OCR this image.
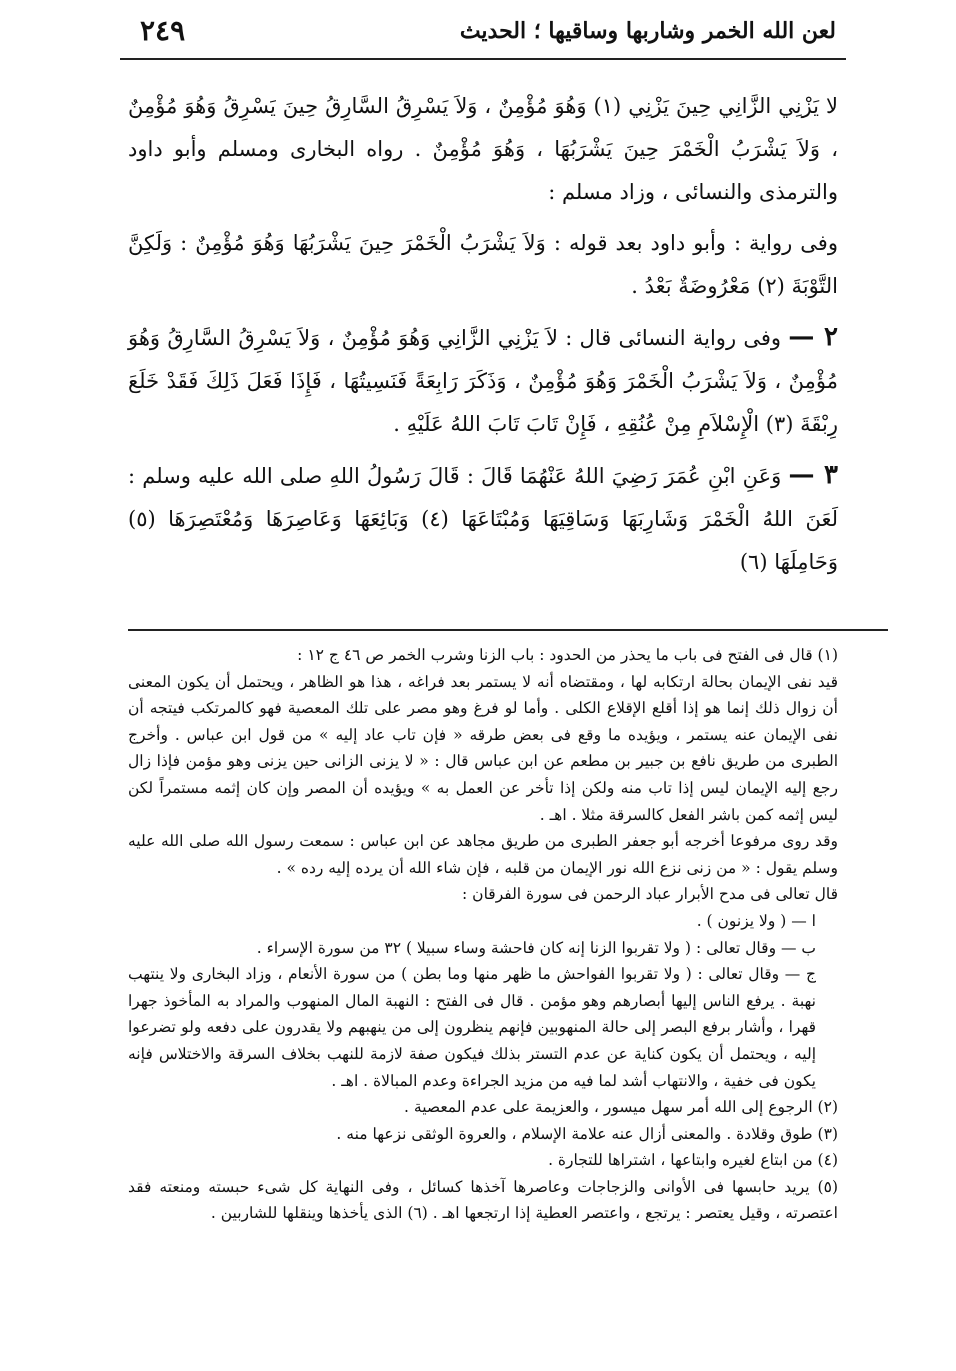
٢٤٩	لعن الله الخمر وشاربها وساقيها ؛ الحديث

لا يَزْنِي الزَّانِي حِينَ يَزْنِي (١) وَهُوَ مُؤْمِنٌ ، وَلاَ يَسْرِقُ السَّارِقُ حِينَ يَسْرِقُ وَهُوَ مُؤْمِنٌ ، وَلاَ يَشْرَبُ الْخَمْرَ حِينَ يَشْرَبُهَا ، وَهُوَ مُؤْمِنٌ . رواه البخارى ومسلم وأبو داود والترمذى والنسائى ، وزاد مسلم :

وفى رواية : وأبو داود بعد قوله : وَلاَ يَشْرَبُ الْخَمْرَ حِينَ يَشْرَبُهَا وَهُوَ مُؤْمِنٌ : وَلَكِنَّ التَّوْبَةَ (٢) مَعْرُوضَةٌ بَعْدُ .

٢ — وفى رواية النسائى قال : لاَ يَزْنِي الزَّانِي وَهُوَ مُؤْمِنٌ ، وَلاَ يَسْرِقُ السَّارِقُ وَهُوَ مُؤْمِنٌ ، وَلاَ يَشْرَبُ الْخَمْرَ وَهُوَ مُؤْمِنٌ ، وَذَكَرَ رَابِعَةً فَنَسِيتُهَا ، فَإِذَا فَعَلَ ذَلِكَ فَقَدْ خَلَعَ رِبْقَةَ (٣) الْإِسْلاَمِ مِنْ عُنُقِهِ ، فَإِنْ تَابَ تَابَ اللهُ عَلَيْهِ .

٣ — وَعَنِ ابْنِ عُمَرَ رَضِيَ اللهُ عَنْهُمَا قَالَ : قَالَ رَسُولُ اللهِ صلى الله عليه وسلم : لَعَنَ اللهُ الْخَمْرَ وَشَارِبَهَا وَسَاقِيَهَا وَمُبْتَاعَهَا (٤) وَبَائِعَهَا وَعَاصِرَهَا وَمُعْتَصِرَهَا (٥) وَحَامِلَهَا (٦)

(١) قال فى الفتح فى باب ما يحذر من الحدود : باب الزنا وشرب الخمر ص ٤٦ ج ١٢ :

قيد نفى الإيمان بحالة ارتكابه لها ، ومقتضاه أنه لا يستمر بعد فراغه ، هذا هو الظاهر ، ويحتمل أن يكون المعنى أن زوال ذلك إنما هو إذا أقلع الإقلاع الكلى . وأما لو فرغ وهو مصر على تلك المعصية فهو كالمرتكب فيتجه أن نفى الإيمان عنه يستمر ، ويؤيده ما وقع فى بعض طرقه « فإن تاب عاد إليه » من قول ابن عباس . وأخرج الطبرى من طريق نافع بن جبير بن مطعم عن ابن عباس قال : « لا يزنى الزانى حين يزنى وهو مؤمن فإذا زال رجع إليه الإيمان ليس إذا تاب منه ولكن إذا تأخر عن العمل به » ويؤيده أن المصر وإن كان إثمه مستمراً لكن ليس إثمه كمن باشر الفعل كالسرقة مثلا . اهـ .

وقد روى مرفوعا أخرجه أبو جعفر الطبرى من طريق مجاهد عن ابن عباس : سمعت رسول الله صلى الله عليه وسلم يقول : « من زنى نزع الله نور الإيمان من قلبه ، فإن شاء الله أن يرده إليه رده » .

قال تعالى فى مدح الأبرار عباد الرحمن فى سورة الفرقان :

ا — ( ولا يزنون ) .

ب — وقال تعالى : ( ولا تقربوا الزنا إنه كان فاحشة وساء سبيلا ) ٣٢ من سورة الإسراء .

ج — وقال تعالى : ( ولا تقربوا الفواحش ما ظهر منها وما بطن ) من سورة الأنعام ، وزاد البخارى ولا ينتهب نهبة . يرفع الناس إليها أبصارهم وهو مؤمن . قال فى الفتح : النهبة المال المنهوب والمراد به المأخوذ جهرا قهرا ، وأشار برفع البصر إلى حالة المنهوبين فإنهم ينظرون إلى من ينهبهم ولا يقدرون على دفعه ولو تضرعوا إليه ، ويحتمل أن يكون كناية عن عدم التستر بذلك فيكون صفة لازمة للنهب بخلاف السرقة والاختلاس فإنه يكون فى خفية ، والانتهاب أشد لما فيه من مزيد الجراءة وعدم المبالاة . اهـ .

(٢) الرجوع إلى الله أمر سهل ميسور ، والعزيمة على عدم المعصية .

(٣) طوق وقلادة . والمعنى أزال عنه علامة الإسلام ، والعروة الوثقى نزعها منه .

(٤) من ابتاع لغيره وابتاعها ، اشتراها للتجارة .

(٥) يريد حابسها فى الأوانى والزجاجات وعاصرها آخذها كسائل ، وفى النهاية كل شىء حبسته ومنعته فقد اعتصرته ، وقيل يعتصر : يرتجع ، واعتصر العطية إذا ارتجعها اهـ . (٦) الذى يأخذها وينقلها للشاربين .
